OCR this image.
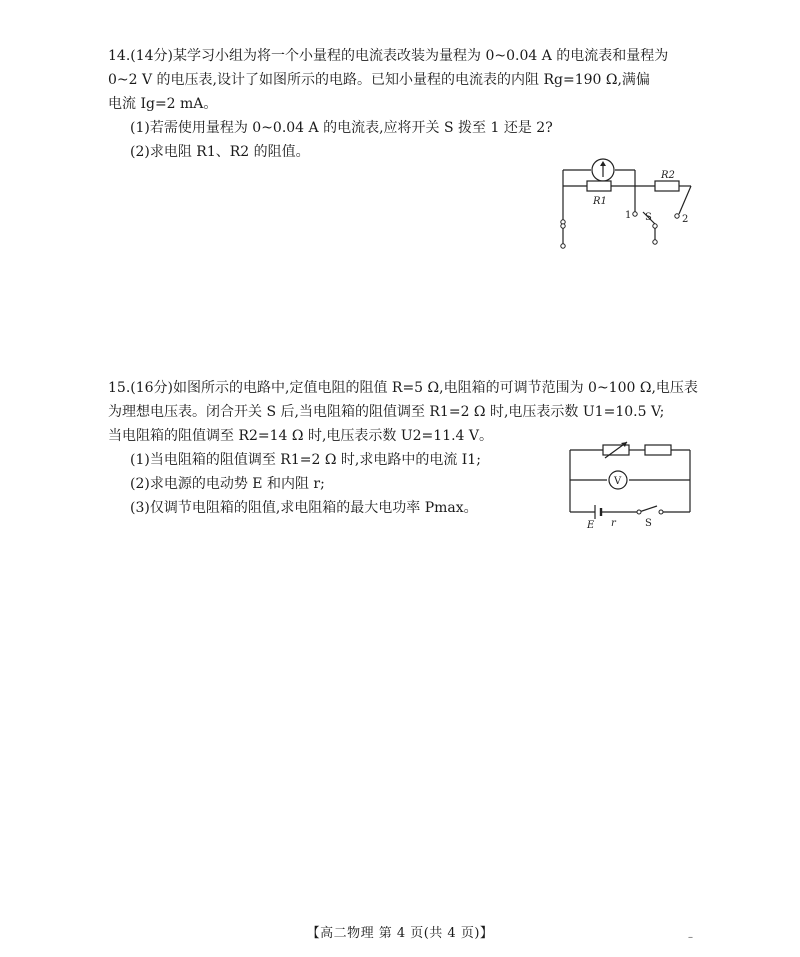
14.(14分)某学习小组为将一个小量程的电流表改装为量程为 0~0.04 A 的电流表和量程为

0~2 V 的电压表,设计了如图所示的电路。已知小量程的电流表的内阻 Rg=190 Ω,满偏

电流 Ig=2 mA。

(1)若需使用量程为 0~0.04 A 的电流表,应将开关 S 拨至 1 还是 2?

(2)求电阻 R1、R2 的阻值。

R1
R2
1 S	2

15.(16分)如图所示的电路中,定值电阻的阻值 R=5 Ω,电阻箱的可调节范围为 0~100 Ω,电压表

为理想电压表。闭合开关 S 后,当电阻箱的阻值调至 R1=2 Ω 时,电压表示数 U1=10.5 V;

当电阻箱的阻值调至 R2=14 Ω 时,电压表示数 U2=11.4 V。

(1)当电阻箱的阻值调至 R1=2 Ω 时,求电路中的电流 I1;

(2)求电源的电动势 E 和内阻 r;

(3)仅调节电阻箱的阻值,求电阻箱的最大电功率 Pmax。

V
E r	S
【高二物理 第 4 页(共 4 页)】	–
